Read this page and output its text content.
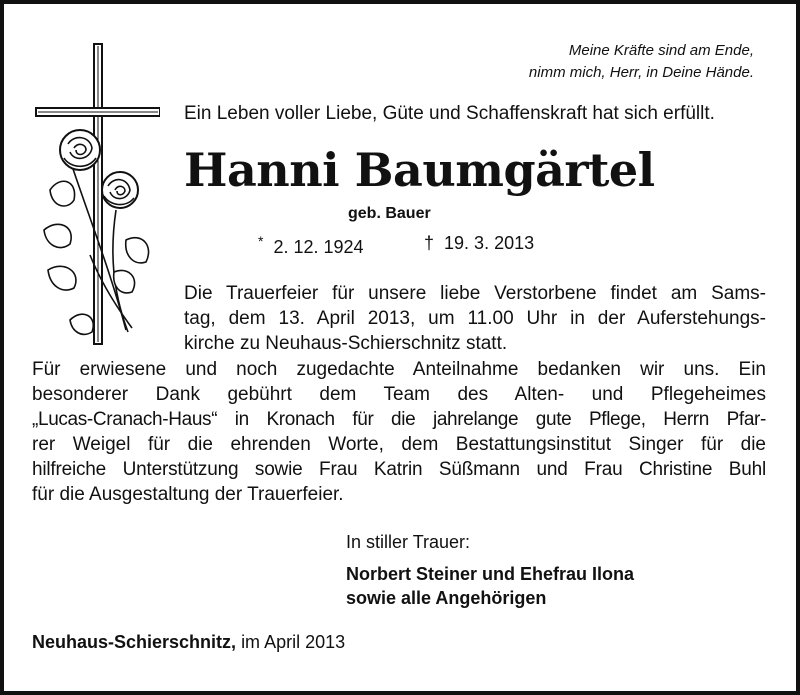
Meine Kräfte sind am Ende,
nimm mich, Herr, in Deine Hände.
Ein Leben voller Liebe, Güte und Schaffenskraft hat sich erfüllt.
Hanni Baumgärtel
geb. Bauer
* 2. 12. 1924	† 19. 3. 2013
Die Trauerfeier für unsere liebe Verstorbene findet am Sams-
tag, dem 13. April 2013, um 11.00 Uhr in der Auferstehungs-
kirche zu Neuhaus-Schierschnitz statt.
Für erwiesene und noch zugedachte Anteilnahme bedanken wir uns. Ein
besonderer Dank gebührt dem Team des Alten- und Pflegeheimes
„Lucas-Cranach-Haus“ in Kronach für die jahrelange gute Pflege, Herrn Pfar-
rer Weigel für die ehrenden Worte, dem Bestattungsinstitut Singer für die
hilfreiche Unterstützung sowie Frau Katrin Süßmann und Frau Christine Buhl
für die Ausgestaltung der Trauerfeier.
In stiller Trauer:
Norbert Steiner und Ehefrau Ilona
sowie alle Angehörigen
Neuhaus-Schierschnitz, im April 2013
